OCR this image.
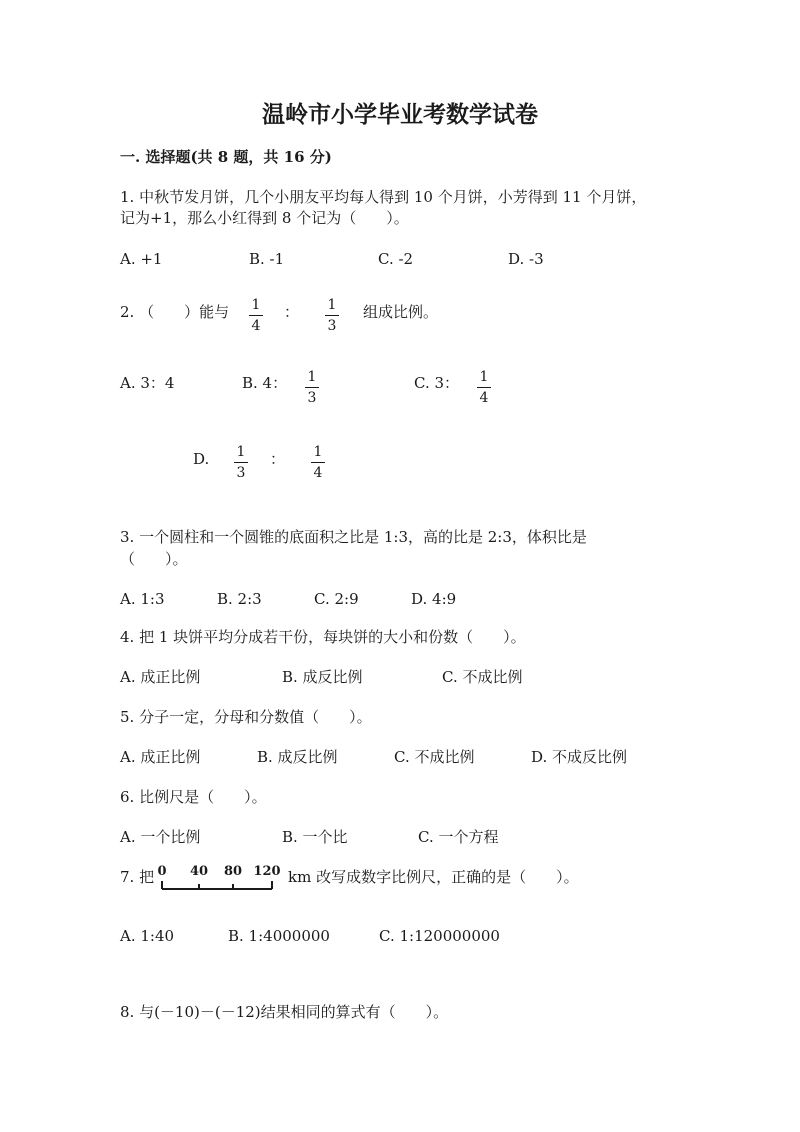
温岭市小学毕业考数学试卷
一. 选择题(共 8 题，共 16 分)
1. 中秋节发月饼，几个小朋友平均每人得到 10 个月饼，小芳得到 11 个月饼，
记为+1，那么小红得到 8 个记为（　　）。
A. +1	B. -1	C. -2	D. -3
2. （　　）能与 1
4
： 1
3
组成比例。
A. 3：4	B. 4： 1
3
C. 3： 1
4
D. 1
3
： 1
4
3. 一个圆柱和一个圆锥的底面积之比是 1:3，高的比是 2:3，体积比是
（　　）。
A. 1:3	B. 2:3	C. 2:9	D. 4:9
4. 把 1 块饼平均分成若干份，每块饼的大小和份数（　　）。
A. 成正比例	B. 成反比例	C. 不成比例
5. 分子一定，分母和分数值（　　）。
A. 成正比例	B. 成反比例	C. 不成比例	D. 不成反比例
6. 比例尺是（　　）。
A. 一个比例	B. 一个比	C. 一个方程
7. 把 0 40 80 120 km 改写成数字比例尺，正确的是（　　）。
A. 1:40	B. 1:4000000	C. 1:120000000
8. 与(－10)－(－12)结果相同的算式有（　　）。
